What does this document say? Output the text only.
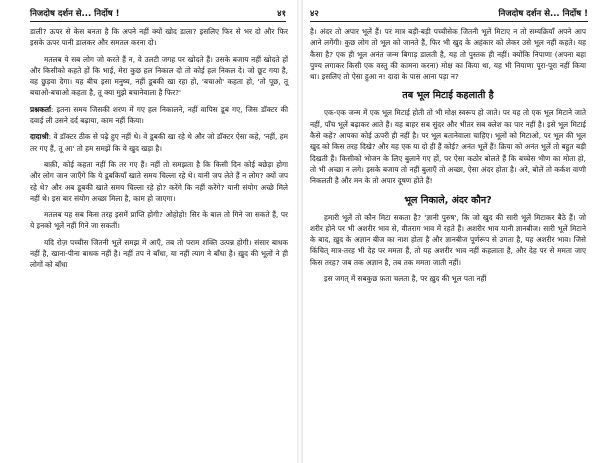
निजदोष दर्शन से... निर्दोष !	४१

डाली? ऊपर से केस बनता है कि अपने नहीं क्यों खोद डाला? इसलिए फिर से भर दो और फिर इसके ऊपर पानी डालकर और समतल करना दो।

मतलब ये सब लोग जो करते हैं न, वे उलटी जगह पर खोदते हैं। उसके बजाय नहीं खोदते हों और किसीको कहते हों कि भाई, मेरा कुछ हल निकाल दो तो कोई हल निकल दे। जो छूट गया है, वह छुड़वा देगा। यह बीच इसा मनुष्य, नहीं डूबकी खा रहा हो, 'बचाओ' कहता हो, 'तो पूछ, तू बचाओ-बचाओ कहता है, तू क्या मुझे बचानेवाला है फिर?'

प्रश्नकर्ता: इतना समय जिसकी शरण में गए हल निकालने, नहीं वापिस डूब गए, जिस डॉक्टर की दवाई ली उसने दर्द बढ़ाया, काम नहीं किया।

दादाश्री: वे डॉक्टर ठीक से पढ़े हुए नहीं थे। वे डूबकी खा रहे थे और जो डॉक्टर ऐसा कहे, 'नहीं, हम तर गए हैं, तू आ' तो हम समझें कि ये खुद खड़ा है।

बाक़ी, कोई कहता नहीं कि तर गए हैं। नहीं तो समझता है कि किसी दिन कोई बछेड़ा होगा और लोग जान जाएँगे कि ये डूबकियाँ खाते समय चिल्ला रहे थे। यानी जप लेते हैं न लोग? क्यों जप रहे थे? और अब डूबकी खाते समय चिल्ला रहे हो? करेंगे कि नहीं करेंगे? यानी संयोग अच्छे मिले नहीं थे। इस बार संयोग अच्छा मिला है, काम हो जाएगा।

मतलब यह सब किस तरह इसमें प्राप्ति होगी? ओहोहो! सिर के बाल तो गिने जा सकते हैं, पर ये इनको भूलें नहीं गिने जा सकतीं।

यदि रोज़ पच्चीस जितनी भूलें समझ में आएँ, तब तो पराम शक्ति उत्पन्न होगी। संसार बाधक नहीं है, खाना-पीना बाधक नहीं है। नहीं तप ने बाँधा, या नहीं त्याग ने बाँधा है। ख़ुद की भूलों ने ही लोगों को बाँधा

४२	निजदोष दर्शन से... निर्दोष !

है। अंदर तो अपार भूलें हैं। पर मात्र बड़ी-बड़ी पच्चीसेक जितनी भूलें मिटाए न तो सम्यक्रियाँ अपने आप आने लगेंगी। कुछ लोग तो भूल को जानते हैं, फिर भी खुद के अहंकार को लेकर उसे भूल नहीं कहते। यह कैसा है? एक ही भूल अनंत जन्म बिगाड़ डालती है, यह तो पुस्तक ही नहीं। क्योंकि निपाणा (अपना बहा पुण्य लगाकर किसी एक वस्तु की कामना करना) मोक्ष का किया था, यह भी नियाणा पूरा-पूरा नहीं किया था। इसलिए तो ऐसा हुआ न! दादा के पास आना पड़ा न?

तब भूल मिटाई कहलाती है

एक-एक जन्म में एक भूल मिटाई होती तो भी मोक्ष स्वरूप हो जाते। पर यह तो एक भूल मिटाने जाते नहीं, पाँच भूलें बढ़ाकर आते हैं। यह बाहर सब सुंदर और भीतर सब क्लेश का पार नहीं है। इसे भूल मिटाई कैसे कहें? आपका कोई ऊपरी ही नहीं है। पर भूल बतानेवाला चाहिए। भूलों को मिटाओ, पर भूल की भूल खुद को किस तरह दिखे? और यह एक या दो ही हैं कोई? अनंत भूलें हैं! क्रिया को अनंत भूलें तो बहुत बड़ी दिखती हैं। किसीको भोजन के लिए बुलाने गए हों, पर ऐसा कठोर बोलते हैं कि बच्चेस भीण का मोता हो, तो भी अच्छा न लगे। इसके बजाय तो नहीं बुलाएँ तो अच्छा, ऐसा अंदर होता है। अरे, बोलें तो कर्कश वाणी निकलती है और मन के तो अपार दूषण होते हैं!

भूल निकाले, अंदर कौन?

हमारी भूलें तो कौन मिटा सकता है? 'ज्ञानी पुरुष', कि जो खुद की सारी भूलें मिटाकर बैठे हैं। जो शरीर होने पर भी अशरीर भाव से, वीतराग भाव में रहते हैं। अशरीर भाव यानी ज्ञानबीज। सारी भूलें मिटाने के बाद, ख़ुद के अज्ञान बीज का नाश होता है और ज्ञानबीज पूर्णरूप से उगता है, यह अशरीर भाव। जिसे किंचित् मात्र-तरह भी देह पर ममता हैं, तो यह अशरीर भाव नहीं कहलाता है, और देह पर से ममता जाए किस तरह? जब तक अज्ञान है, तब तक ममता जाती नहीं।

इस जगत् में सबकुछ फ़ता चलता है, पर ख़ुद की भूल पता नहीं
